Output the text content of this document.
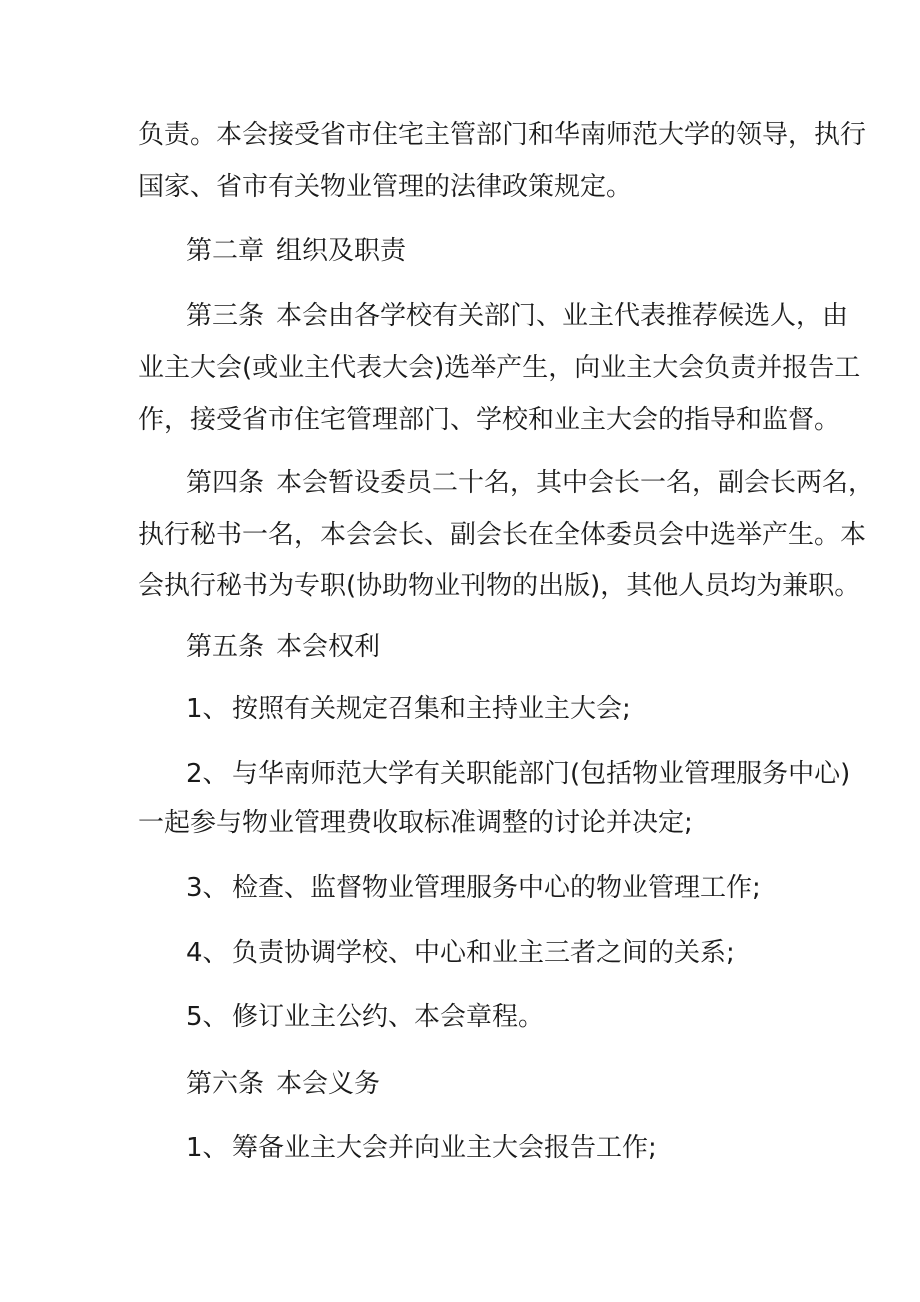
负责。本会接受省市住宅主管部门和华南师范大学的领导，执行
国家、省市有关物业管理的法律政策规定。
第二章 组织及职责
第三条 本会由各学校有关部门、业主代表推荐候选人，由
业主大会(或业主代表大会)选举产生，向业主大会负责并报告工
作，接受省市住宅管理部门、学校和业主大会的指导和监督。
第四条 本会暂设委员二十名，其中会长一名，副会长两名，
执行秘书一名，本会会长、副会长在全体委员会中选举产生。本
会执行秘书为专职(协助物业刊物的出版)，其他人员均为兼职。
第五条 本会权利
1、 按照有关规定召集和主持业主大会;
2、 与华南师范大学有关职能部门(包括物业管理服务中心)
一起参与物业管理费收取标准调整的讨论并决定;
3、 检查、监督物业管理服务中心的物业管理工作;
4、 负责协调学校、中心和业主三者之间的关系;
5、 修订业主公约、本会章程。
第六条 本会义务
1、 筹备业主大会并向业主大会报告工作;
